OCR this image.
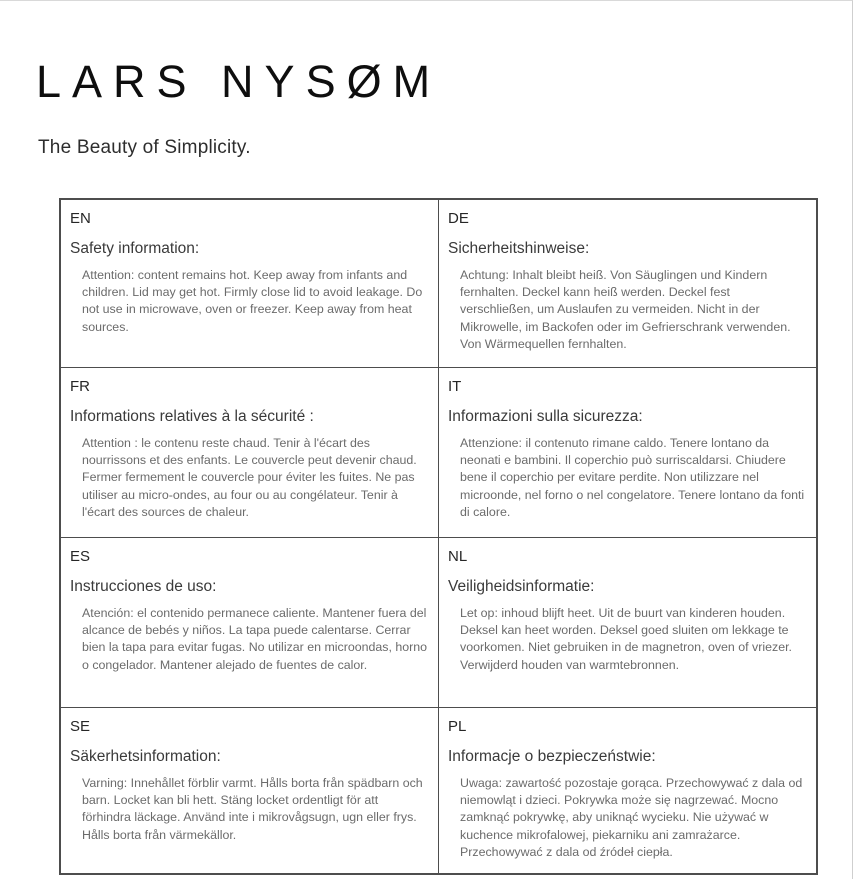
LARS NYSØM
The Beauty of Simplicity.
EN
Safety information:
Attention: content remains hot. Keep away from infants and children. Lid may get hot. Firmly close lid to avoid leakage. Do not use in microwave, oven or freezer. Keep away from heat sources.
DE
Sicherheitshinweise:
Achtung: Inhalt bleibt heiß. Von Säuglingen und Kindern fernhalten. Deckel kann heiß werden. Deckel fest verschließen, um Auslaufen zu vermeiden. Nicht in der Mikrowelle, im Backofen oder im Gefrierschrank verwenden. Von Wärmequellen fernhalten.
FR
Informations relatives à la sécurité :
Attention : le contenu reste chaud. Tenir à l'écart des nourrissons et des enfants. Le couvercle peut devenir chaud. Fermer fermement le couvercle pour éviter les fuites. Ne pas utiliser au micro-ondes, au four ou au congélateur. Tenir à l'écart des sources de chaleur.
IT
Informazioni sulla sicurezza:
Attenzione: il contenuto rimane caldo. Tenere lontano da neonati e bambini. Il coperchio può surriscaldarsi. Chiudere bene il coperchio per evitare perdite. Non utilizzare nel microonde, nel forno o nel congelatore. Tenere lontano da fonti di calore.
ES
Instrucciones de uso:
Atención: el contenido permanece caliente. Mantener fuera del alcance de bebés y niños. La tapa puede calentarse. Cerrar bien la tapa para evitar fugas. No utilizar en microondas, horno o congelador. Mantener alejado de fuentes de calor.
NL
Veiligheidsinformatie:
Let op: inhoud blijft heet. Uit de buurt van kinderen houden. Deksel kan heet worden. Deksel goed sluiten om lekkage te voorkomen. Niet gebruiken in de magnetron, oven of vriezer. Verwijderd houden van warmtebronnen.
SE
Säkerhetsinformation:
Varning: Innehållet förblir varmt. Hålls borta från spädbarn och barn. Locket kan bli hett. Stäng locket ordentligt för att förhindra läckage. Använd inte i mikrovågsugn, ugn eller frys. Hålls borta från värmekällor.
PL
Informacje o bezpieczeństwie:
Uwaga: zawartość pozostaje gorąca. Przechowywać z dala od niemowląt i dzieci. Pokrywka może się nagrzewać. Mocno zamknąć pokrywkę, aby uniknąć wycieku. Nie używać w kuchence mikrofalowej, piekarniku ani zamrażarce. Przechowywać z dala od źródeł ciepła.
